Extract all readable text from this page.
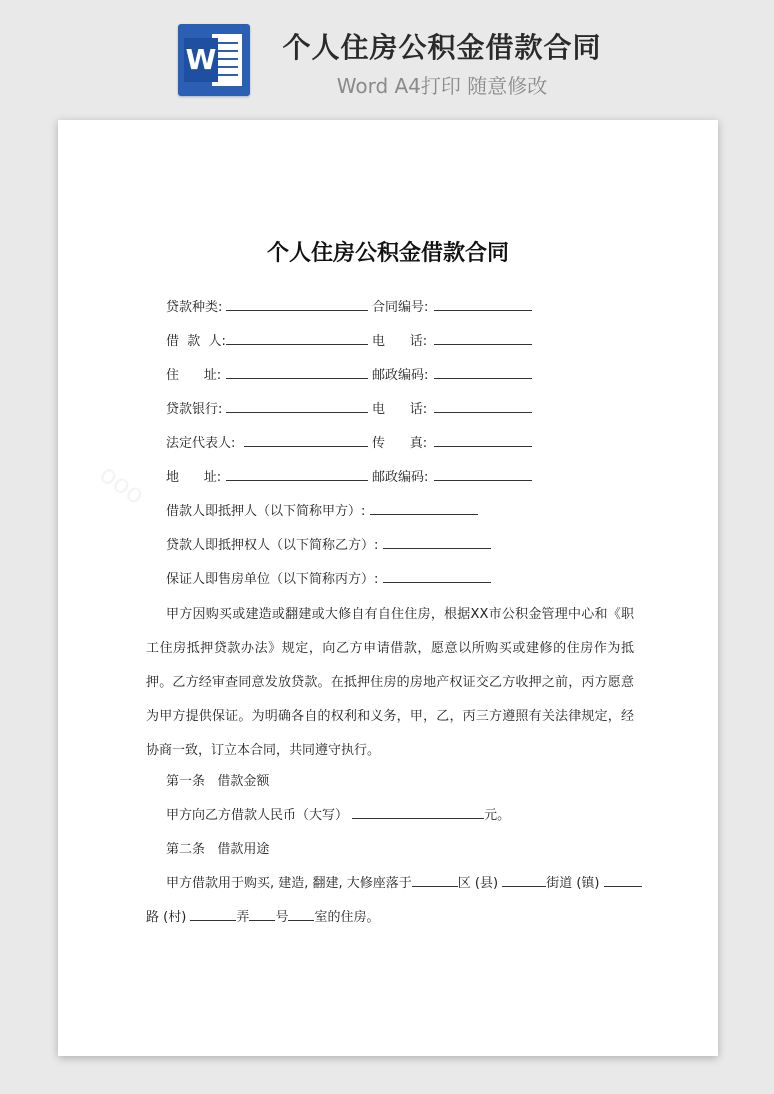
W	个人住房公积金借款合同
Word A4打印 随意修改
个人住房公积金借款合同
贷款种类:	合同编号:
借  款  人:	电      话:
住      址:	邮政编码:
贷款银行:	电      话:
法定代表人:	传      真:
地      址:	邮政编码:
借款人即抵押人（以下简称甲方）:
贷款人即抵押权人（以下简称乙方）:
保证人即售房单位（以下简称丙方）:
甲方因购买或建造或翻建或大修自有自住住房，根据XX市公积金管理中心和《职工住房抵押贷款办法》规定，向乙方申请借款，愿意以所购买或建修的住房作为抵押。乙方经审查同意发放贷款。在抵押住房的房地产权证交乙方收押之前，丙方愿意为甲方提供保证。为明确各自的权利和义务，甲，乙，丙三方遵照有关法律规定，经协商一致，订立本合同，共同遵守执行。
第一条   借款金额
甲方向乙方借款人民币（大写）	元。
第二条   借款用途
甲方借款用于购买, 建造, 翻建, 大修座落于	区 (县)	街道 (镇)
路 (村)	弄 号 室的住房。
